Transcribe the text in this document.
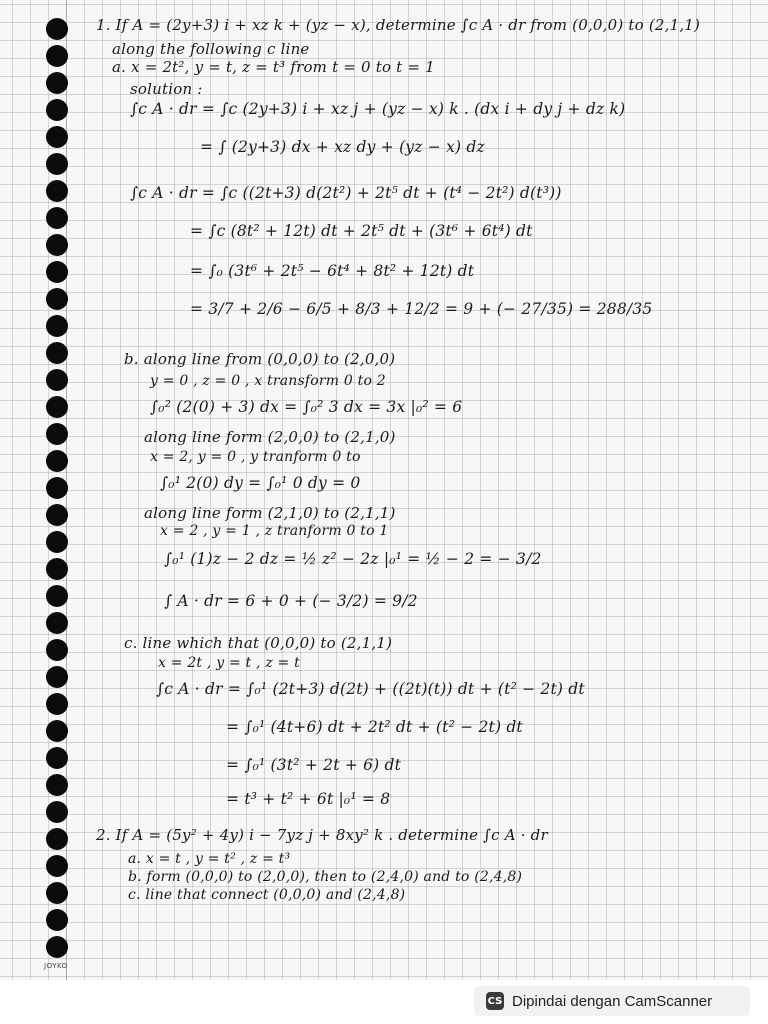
JOYKO
1. If A = (2y+3) i + xz k + (yz − x), determine ∫c A · dr from (0,0,0) to (2,1,1)
along the following c line
a. x = 2t², y = t, z = t³ from t = 0 to t = 1
solution :
∫c A · dr = ∫c (2y+3) i + xz j + (yz − x) k . (dx i + dy j + dz k)
= ∫ (2y+3) dx + xz dy + (yz − x) dz
∫c A · dr = ∫c ((2t+3) d(2t²) + 2t⁵ dt + (t⁴ − 2t²) d(t³))
= ∫c (8t² + 12t) dt + 2t⁵ dt + (3t⁶ + 6t⁴) dt
= ∫₀ (3t⁶ + 2t⁵ − 6t⁴ + 8t² + 12t) dt
= 3/7 + 2/6 − 6/5 + 8/3 + 12/2 = 9 + (− 27/35) = 288/35
b. along line from (0,0,0) to (2,0,0)
y = 0 , z = 0 , x transform 0 to 2
∫₀² (2(0) + 3) dx = ∫₀² 3 dx = 3x |₀² = 6
along line form (2,0,0) to (2,1,0)
x = 2, y = 0 , y tranform 0 to
∫₀¹ 2(0) dy = ∫₀¹ 0 dy = 0
along line form (2,1,0) to (2,1,1)
x = 2 , y = 1 , z tranform 0 to 1
∫₀¹ (1)z − 2 dz = ½ z² − 2z |₀¹ = ½ − 2 = − 3/2
∫ A · dr = 6 + 0 + (− 3/2) = 9/2
c. line which that (0,0,0) to (2,1,1)
x = 2t , y = t , z = t
∫c A · dr = ∫₀¹ (2t+3) d(2t) + ((2t)(t)) dt + (t² − 2t) dt
= ∫₀¹ (4t+6) dt + 2t² dt + (t² − 2t) dt
= ∫₀¹ (3t² + 2t + 6) dt
= t³ + t² + 6t |₀¹ = 8
2. If A = (5y² + 4y) i − 7yz j + 8xy² k . determine ∫c A · dr
a. x = t , y = t² , z = t³
b. form (0,0,0) to (2,0,0), then to (2,4,0) and to (2,4,8)
c. line that connect (0,0,0) and (2,4,8)
CS Dipindai dengan CamScanner
